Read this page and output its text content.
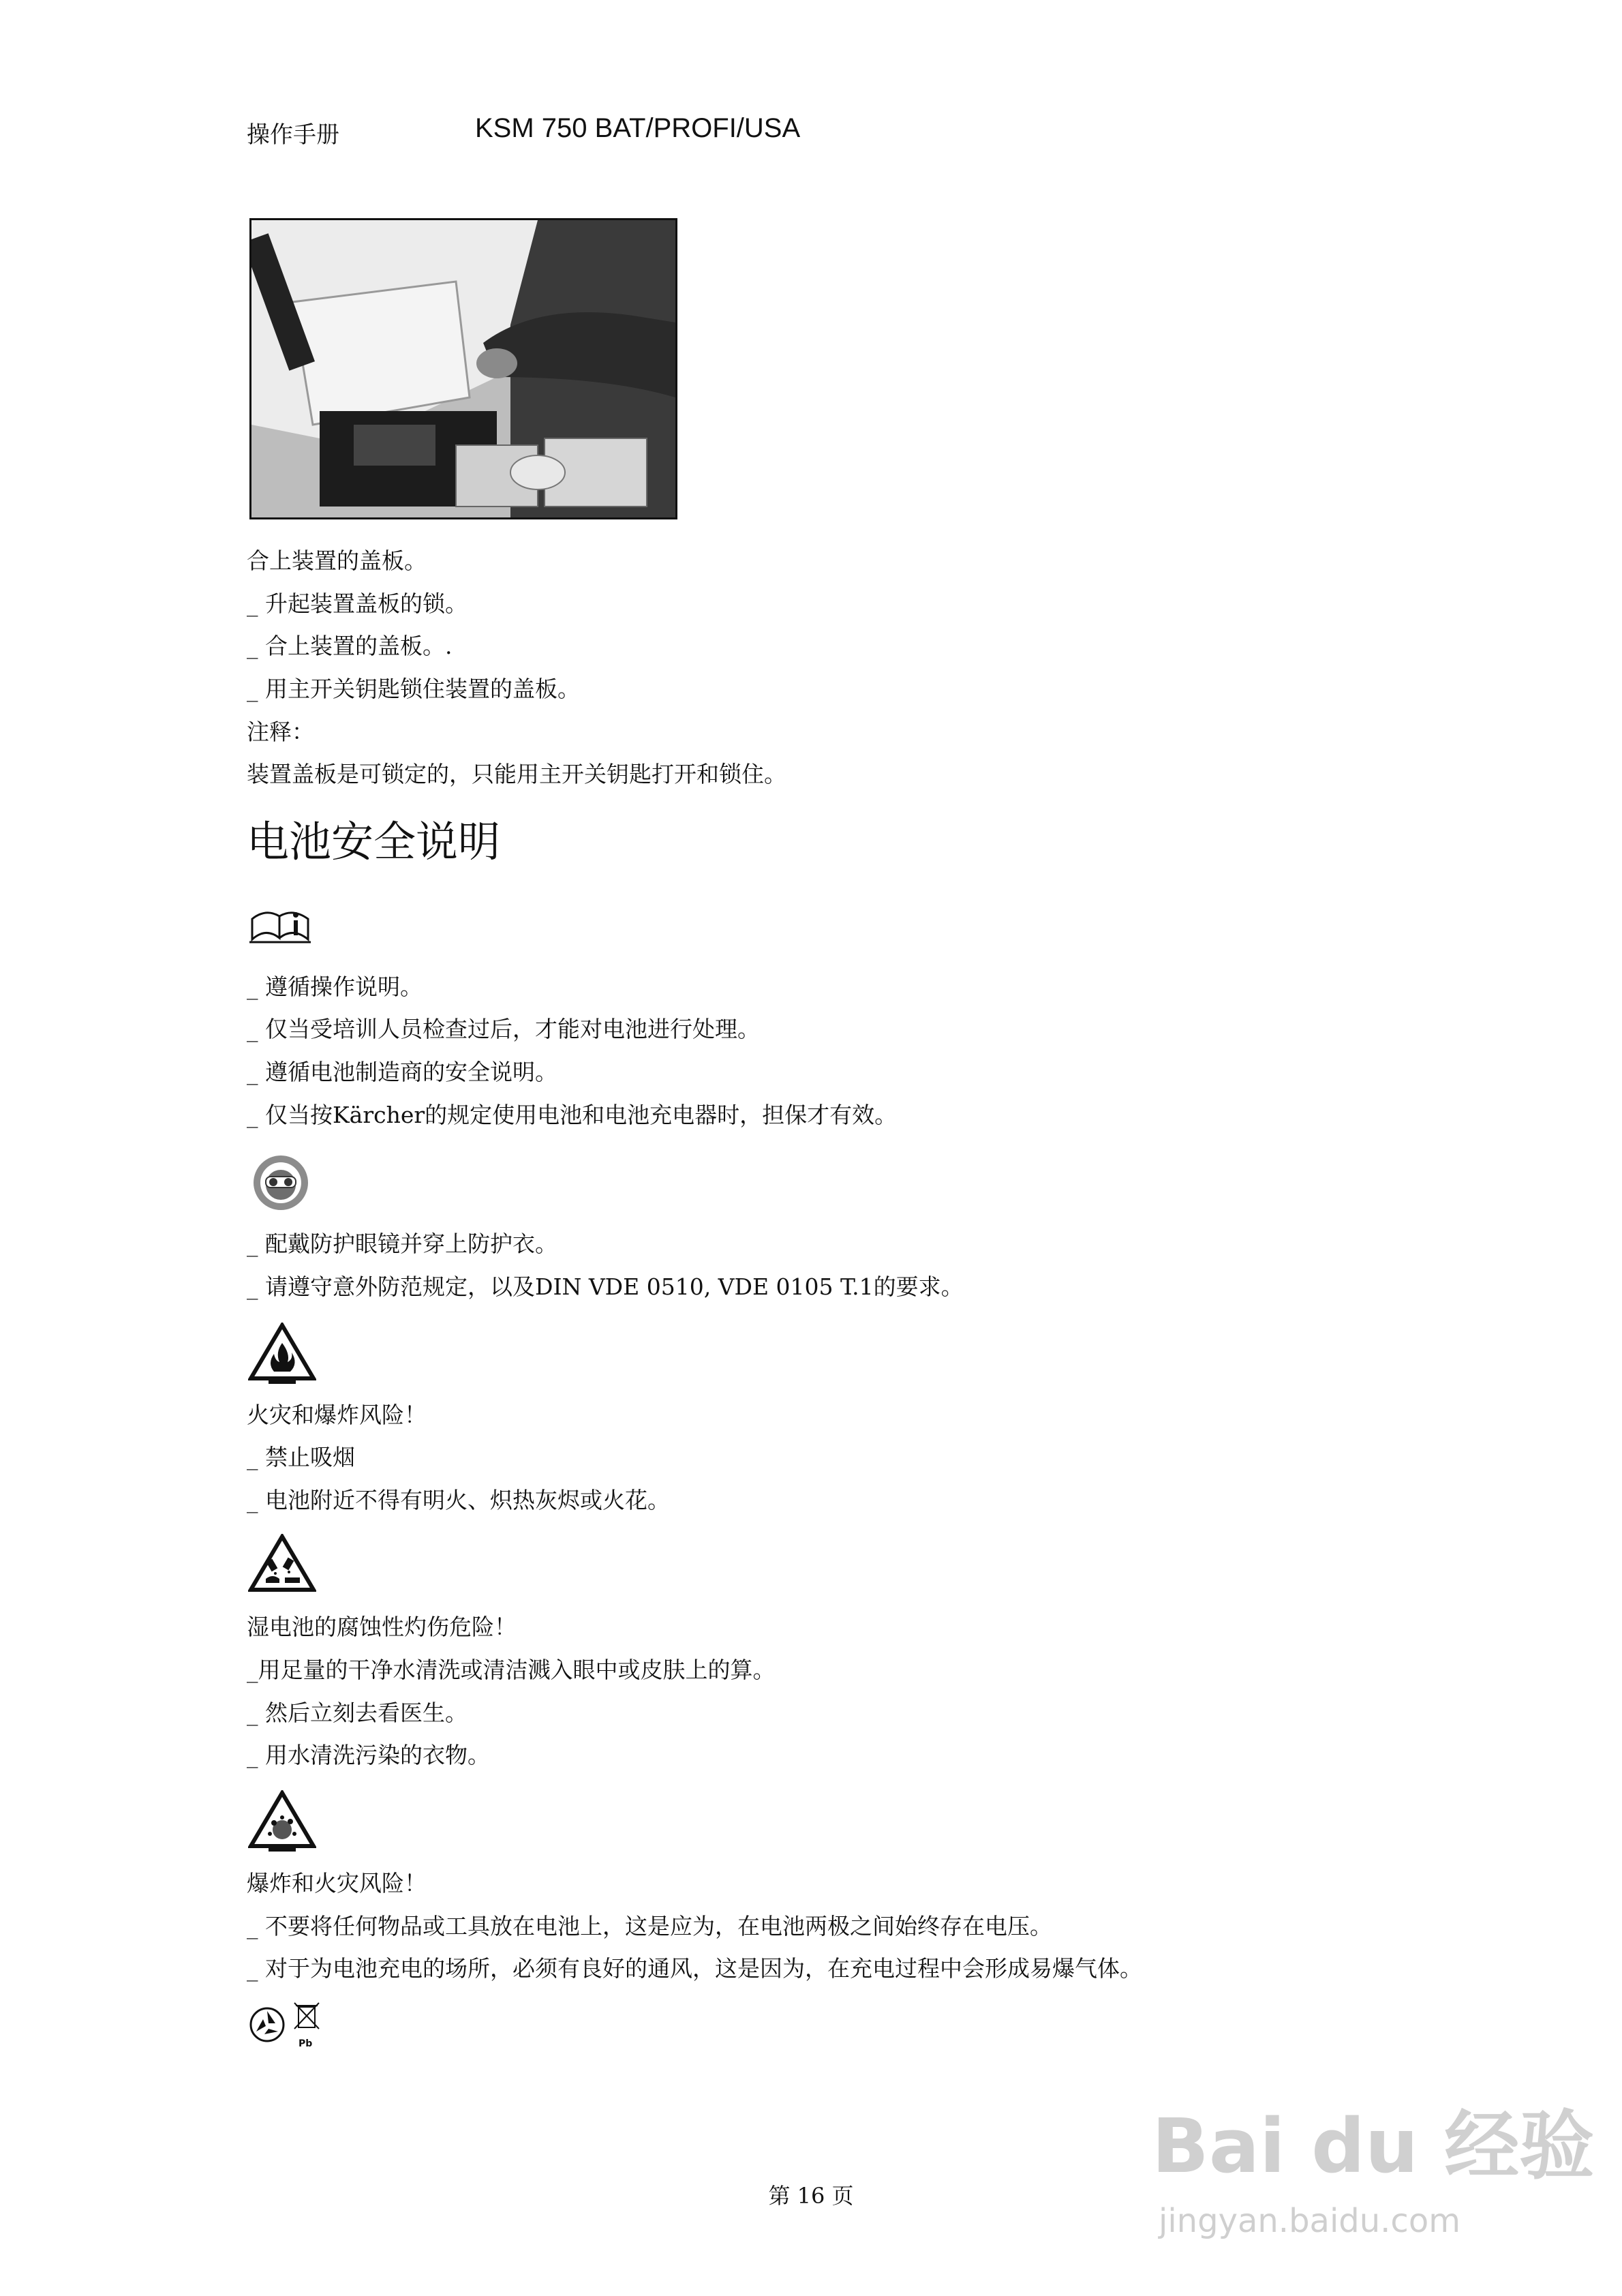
操作手册	KSM 750 BAT/PROFI/USA
合上装置的盖板。
_ 升起装置盖板的锁。
_ 合上装置的盖板。.
_ 用主开关钥匙锁住装置的盖板。
注释：
装置盖板是可锁定的，只能用主开关钥匙打开和锁住。
电池安全说明
_ 遵循操作说明。
_ 仅当受培训人员检查过后，才能对电池进行处理。
_ 遵循电池制造商的安全说明。
_ 仅当按Kärcher的规定使用电池和电池充电器时，担保才有效。
_ 配戴防护眼镜并穿上防护衣。
_ 请遵守意外防范规定，以及DIN VDE 0510, VDE 0105 T.1的要求。
火灾和爆炸风险！
_ 禁止吸烟
_ 电池附近不得有明火、炽热灰烬或火花。
湿电池的腐蚀性灼伤危险！
_用足量的干净水清洗或清洁溅入眼中或皮肤上的算。
_ 然后立刻去看医生。
_ 用水清洗污染的衣物。
爆炸和火灾风险！
_ 不要将任何物品或工具放在电池上，这是应为，在电池两极之间始终存在电压。
_ 对于为电池充电的场所，必须有良好的通风，这是因为，在充电过程中会形成易爆气体。
Pb
第 16 页
Bai du 经验
jingyan.baidu.com
